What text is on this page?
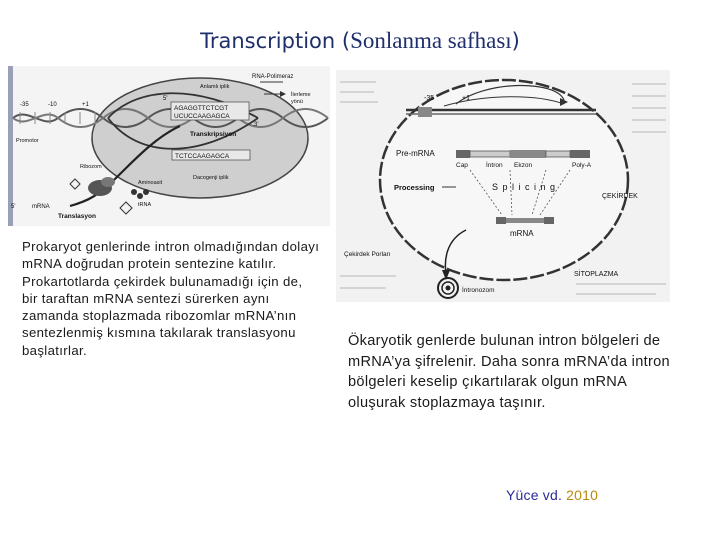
Transcription (Sonlanma safhası)
AGAGGTTCTCGT
UCUCCAAGAGCA
TCTCCAAGAGCA
RNA-Polimeraz
Anlamlı iplik
İlerleme
yönü
-35	-10	+1
5'
3'
Transkripsiyon
Promotor
Ribozom
Dacogenji iplik
Aminoasit
tRNA
5'	mRNA
Translasyon
-35	+1
Pre-mRNA
Cap	İntron Ekzon	Poly-A
S p l i c i n g
Processing
ÇEKİRDEK
mRNA
Çekirdek Porları
SİTOPLAZMA
İntronozom
Prokaryot genlerinde intron olmadığından dolayı mRNA doğrudan protein sentezine katılır. Prokartotlarda çekirdek bulunamadığı için de, bir taraftan mRNA sentezi sürerken aynı zamanda stoplazmada ribozomlar mRNA’nın sentezlenmiş kısmına takılarak translasyonu başlatırlar.
Ökaryotik genlerde bulunan intron bölgeleri de mRNA’ya şifrelenir. Daha sonra mRNA’da intron bölgeleri keselip çıkartılarak olgun mRNA oluşurak stoplazmaya taşınır.
Yüce vd. 2010
